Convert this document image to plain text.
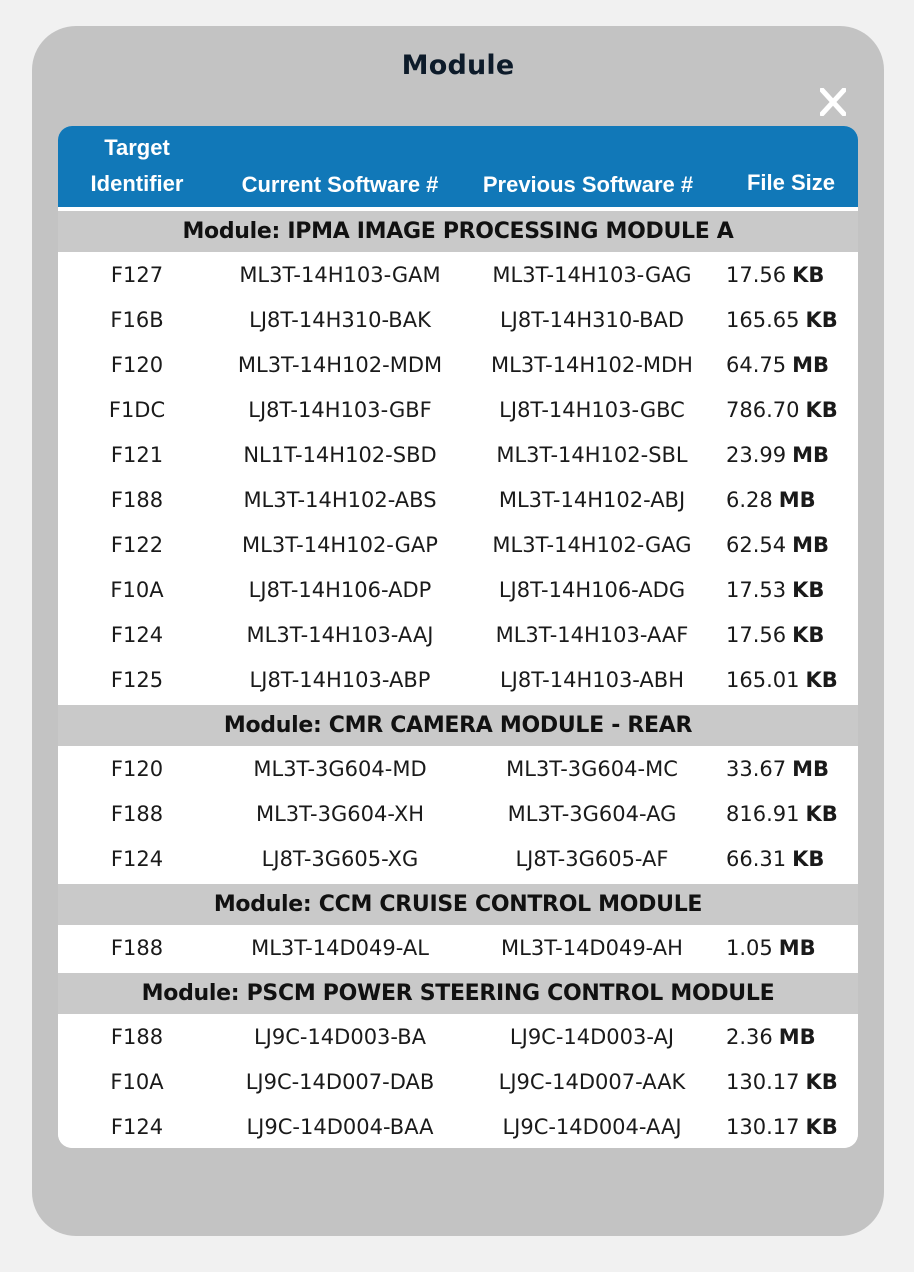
Module
Target
Identifier	Current Software #	Previous Software #	File Size
Module: IPMA IMAGE PROCESSING MODULE A
F127	ML3T-14H103-GAM	ML3T-14H103-GAG	17.56 KB
F16B	LJ8T-14H310-BAK	LJ8T-14H310-BAD	165.65 KB
F120	ML3T-14H102-MDM	ML3T-14H102-MDH	64.75 MB
F1DC	LJ8T-14H103-GBF	LJ8T-14H103-GBC	786.70 KB
F121	NL1T-14H102-SBD	ML3T-14H102-SBL	23.99 MB
F188	ML3T-14H102-ABS	ML3T-14H102-ABJ	6.28 MB
F122	ML3T-14H102-GAP	ML3T-14H102-GAG	62.54 MB
F10A	LJ8T-14H106-ADP	LJ8T-14H106-ADG	17.53 KB
F124	ML3T-14H103-AAJ	ML3T-14H103-AAF	17.56 KB
F125	LJ8T-14H103-ABP	LJ8T-14H103-ABH	165.01 KB
Module: CMR CAMERA MODULE - REAR
F120	ML3T-3G604-MD	ML3T-3G604-MC	33.67 MB
F188	ML3T-3G604-XH	ML3T-3G604-AG	816.91 KB
F124	LJ8T-3G605-XG	LJ8T-3G605-AF	66.31 KB
Module: CCM CRUISE CONTROL MODULE
F188	ML3T-14D049-AL	ML3T-14D049-AH	1.05 MB
Module: PSCM POWER STEERING CONTROL MODULE
F188	LJ9C-14D003-BA	LJ9C-14D003-AJ	2.36 MB
F10A	LJ9C-14D007-DAB	LJ9C-14D007-AAK	130.17 KB
F124	LJ9C-14D004-BAA	LJ9C-14D004-AAJ	130.17 KB
